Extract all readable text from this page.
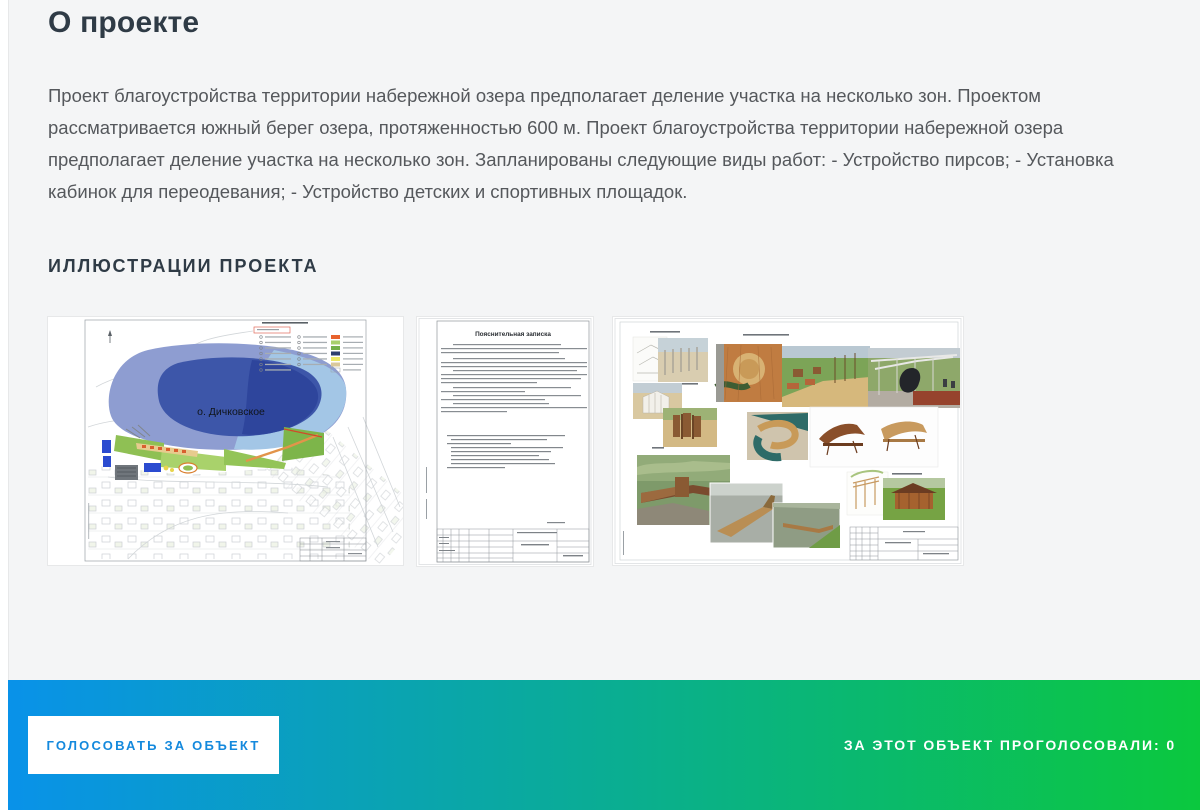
О проекте

Проект благоустройства территории набережной озера предполагает деление участка на несколько зон. Проектом рассматривается южный берег озера, протяженностью 600 м. Проект благоустройства территории набережной озера предполагает деление участка на несколько зон. Запланированы следующие виды работ: - Устройство пирсов; - Установка кабинок для переодевания; - Устройство детских и спортивных площадок.

ИЛЛЮСТРАЦИИ ПРОЕКТА
о. Дичковское
Пояснительная записка
ГОЛОСОВАТЬ ЗА ОБЪЕКТ	ЗА ЭТОТ ОБЪЕКТ ПРОГОЛОСОВАЛИ: 0
